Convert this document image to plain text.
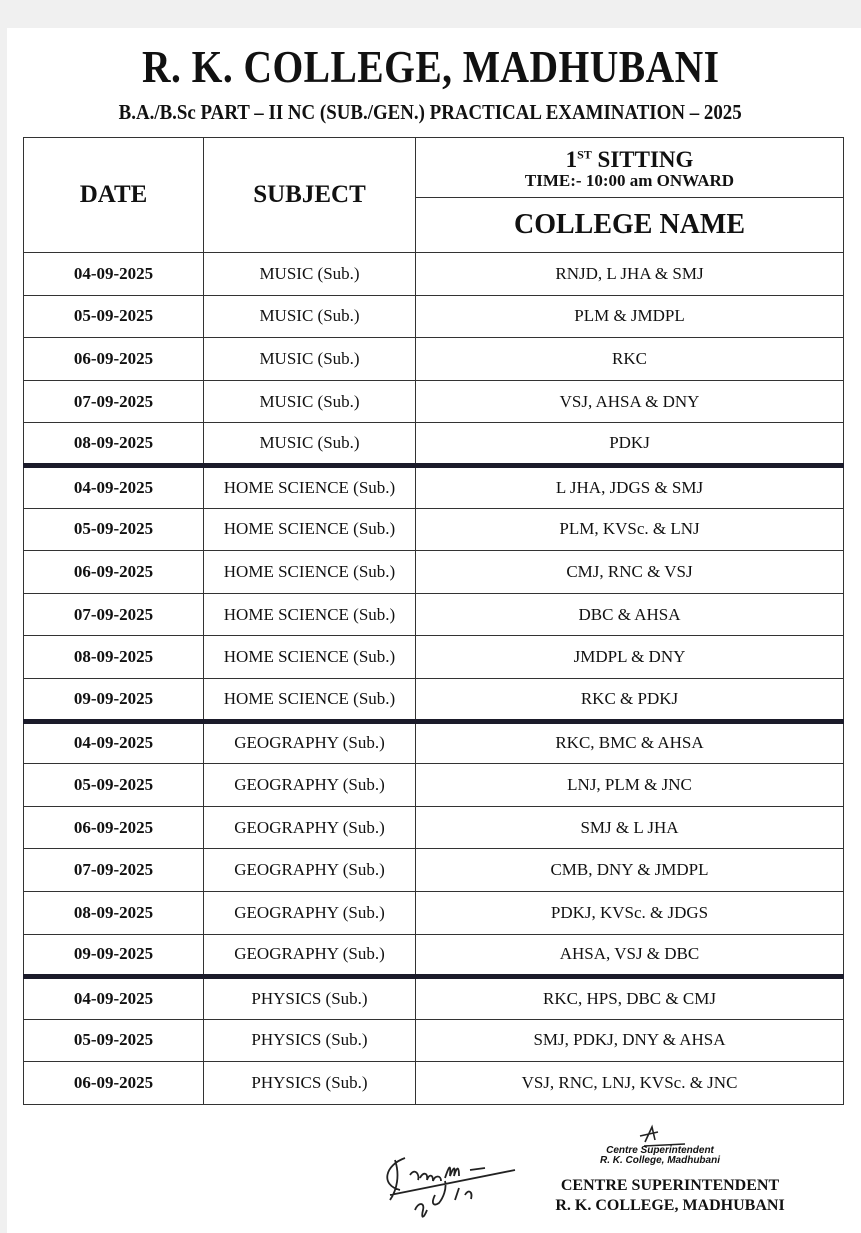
R. K. COLLEGE, MADHUBANI
B.A./B.Sc PART – II NC (SUB./GEN.) PRACTICAL EXAMINATION – 2025
DATE	SUBJECT	1ST SITTING
TIME:- 10:00 am ONWARD

		COLLEGE NAME
04-09-2025	MUSIC (Sub.)	RNJD, L JHA & SMJ
05-09-2025	MUSIC (Sub.)	PLM & JMDPL
06-09-2025	MUSIC (Sub.)	RKC
07-09-2025	MUSIC (Sub.)	VSJ, AHSA & DNY
08-09-2025	MUSIC (Sub.)	PDKJ
04-09-2025	HOME SCIENCE (Sub.)	L JHA, JDGS & SMJ
05-09-2025	HOME SCIENCE (Sub.)	PLM, KVSc. & LNJ
06-09-2025	HOME SCIENCE (Sub.)	CMJ, RNC & VSJ
07-09-2025	HOME SCIENCE (Sub.)	DBC & AHSA
08-09-2025	HOME SCIENCE (Sub.)	JMDPL & DNY
09-09-2025	HOME SCIENCE (Sub.)	RKC & PDKJ
04-09-2025	GEOGRAPHY (Sub.)	RKC, BMC & AHSA
05-09-2025	GEOGRAPHY (Sub.)	LNJ, PLM & JNC
06-09-2025	GEOGRAPHY (Sub.)	SMJ & L JHA
07-09-2025	GEOGRAPHY (Sub.)	CMB, DNY & JMDPL
08-09-2025	GEOGRAPHY (Sub.)	PDKJ, KVSc. & JDGS
09-09-2025	GEOGRAPHY (Sub.)	AHSA, VSJ & DBC
04-09-2025	PHYSICS (Sub.)	RKC, HPS, DBC & CMJ
05-09-2025	PHYSICS (Sub.)	SMJ, PDKJ, DNY & AHSA
06-09-2025	PHYSICS (Sub.)	VSJ, RNC, LNJ, KVSc. & JNC
Centre Superintendent
R. K. College, Madhubani
CENTRE SUPERINTENDENT
R. K. COLLEGE, MADHUBANI
